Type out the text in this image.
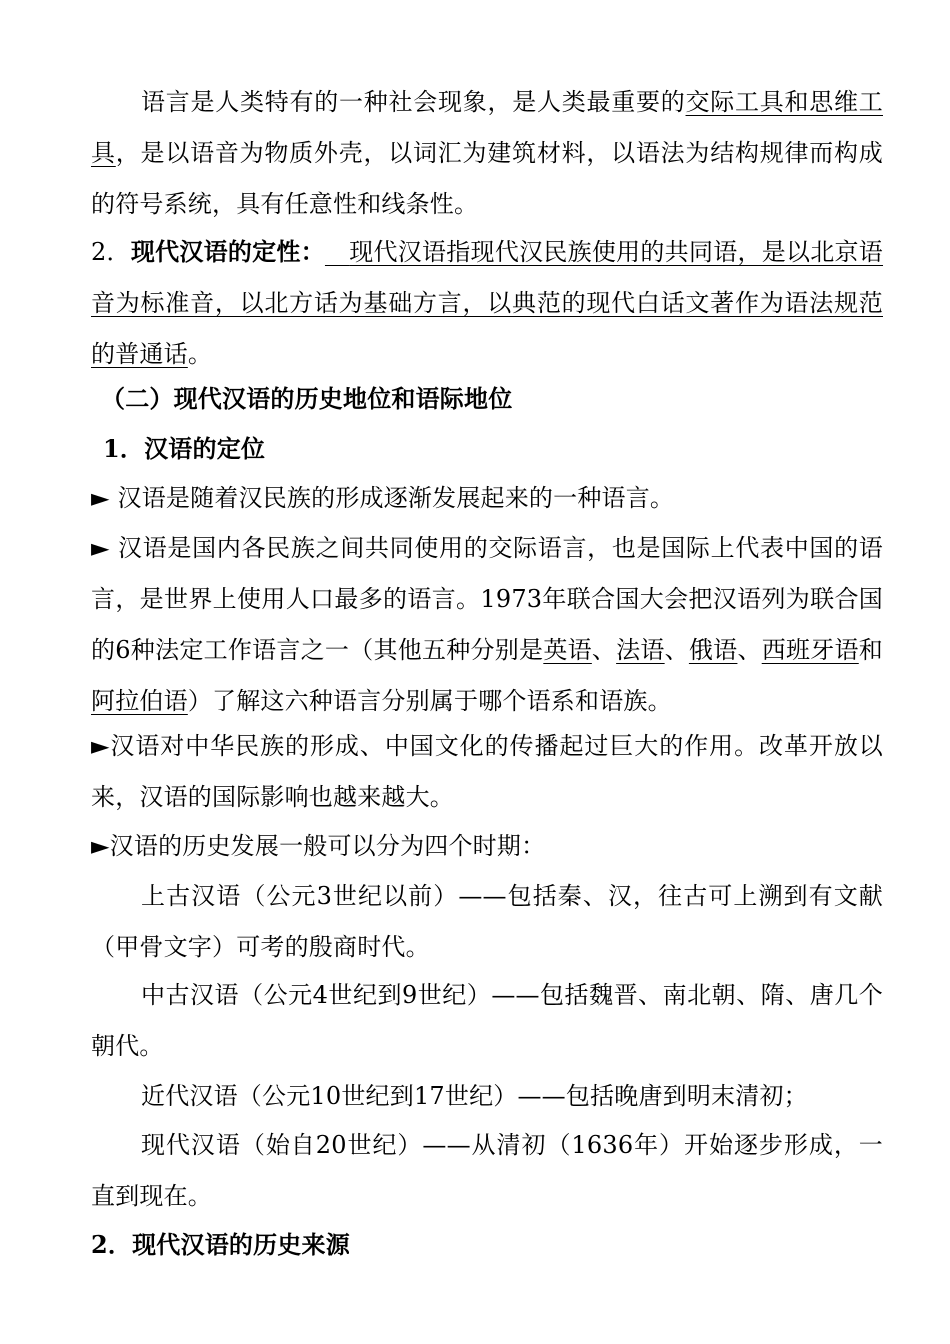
语言是人类特有的一种社会现象，是人类最重要的交际工具和思维工具，是以语音为物质外壳，以词汇为建筑材料，以语法为结构规律而构成的符号系统，具有任意性和线条性。
2．现代汉语的定性：  现代汉语指现代汉民族使用的共同语，是以北京语音为标准音，以北方话为基础方言，以典范的现代白话文著作为语法规范的普通话。
（二）现代汉语的历史地位和语际地位
1．汉语的定位
► 汉语是随着汉民族的形成逐渐发展起来的一种语言。
► 汉语是国内各民族之间共同使用的交际语言，也是国际上代表中国的语言，是世界上使用人口最多的语言。1973年联合国大会把汉语列为联合国的6种法定工作语言之一（其他五种分别是英语、法语、俄语、西班牙语和阿拉伯语）了解这六种语言分别属于哪个语系和语族。
►汉语对中华民族的形成、中国文化的传播起过巨大的作用。改革开放以来，汉语的国际影响也越来越大。
►汉语的历史发展一般可以分为四个时期：
上古汉语（公元3世纪以前）——包括秦、汉，往古可上溯到有文献（甲骨文字）可考的殷商时代。
中古汉语（公元4世纪到9世纪）——包括魏晋、南北朝、隋、唐几个朝代。
近代汉语（公元10世纪到17世纪）——包括晚唐到明末清初；
现代汉语（始自20世纪）——从清初（1636年）开始逐步形成，一直到现在。
2．现代汉语的历史来源
